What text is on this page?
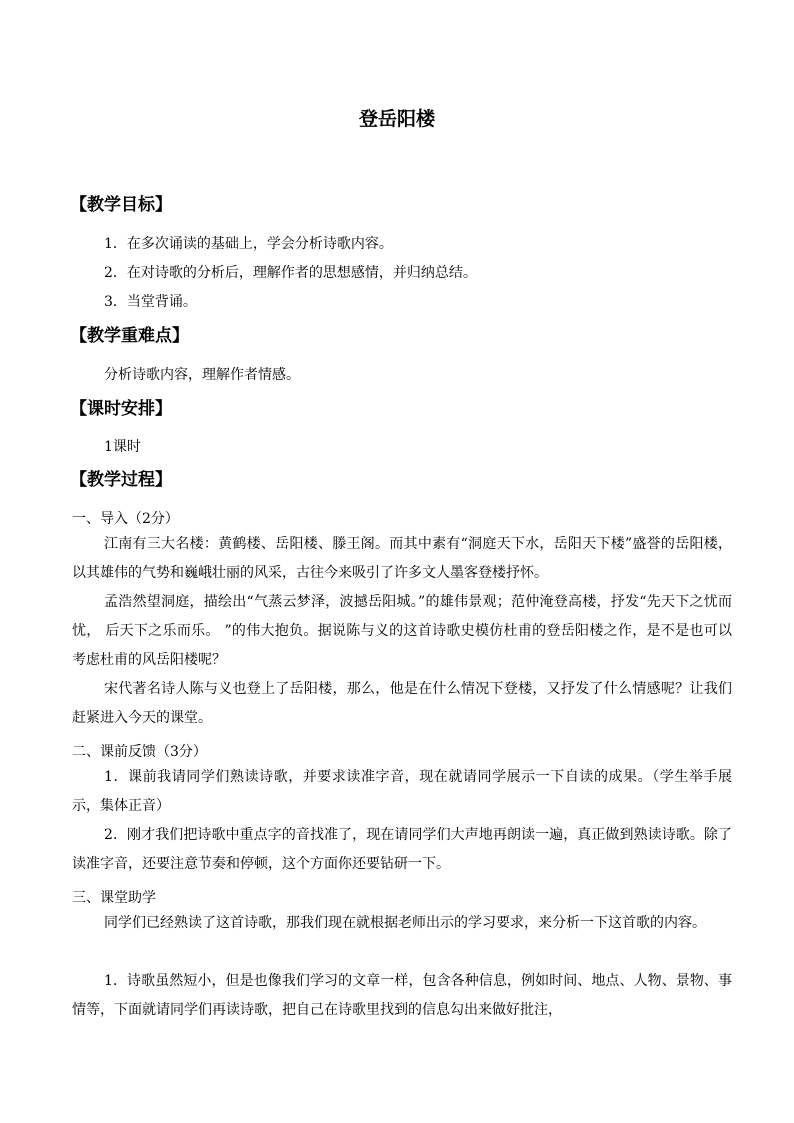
登岳阳楼
【教学目标】
1．在多次诵读的基础上，学会分析诗歌内容。
2．在对诗歌的分析后，理解作者的思想感情，并归纳总结。
3．当堂背诵。
【教学重难点】
分析诗歌内容，理解作者情感。
【课时安排】
1课时
【教学过程】
一、导入（2分）
江南有三大名楼：黄鹤楼、岳阳楼、滕王阁。而其中素有“洞庭天下水，岳阳天下楼”盛誉的岳阳楼，以其雄伟的气势和巍峨壮丽的风采，古往今来吸引了许多文人墨客登楼抒怀。
孟浩然望洞庭，描绘出“气蒸云梦泽，波撼岳阳城。”的雄伟景观；范仲淹登高楼，抒发“先天下之忧而忧， 后天下之乐而乐。 ”的伟大抱负。据说陈与义的这首诗歌史模仿杜甫的登岳阳楼之作，是不是也可以考虑杜甫的风岳阳楼呢？
宋代著名诗人陈与义也登上了岳阳楼，那么，他是在什么情况下登楼，又抒发了什么情感呢？让我们赶紧进入今天的课堂。
二、课前反馈（3分）
1．课前我请同学们熟读诗歌，并要求读准字音，现在就请同学展示一下自读的成果。（学生举手展示，集体正音）
2．刚才我们把诗歌中重点字的音找准了，现在请同学们大声地再朗读一遍，真正做到熟读诗歌。除了读准字音，还要注意节奏和停顿，这个方面你还要钻研一下。
三、课堂助学
同学们已经熟读了这首诗歌，那我们现在就根据老师出示的学习要求，来分析一下这首歌的内容。
1．诗歌虽然短小，但是也像我们学习的文章一样，包含各种信息，例如时间、地点、人物、景物、事情等，下面就请同学们再读诗歌，把自己在诗歌里找到的信息勾出来做好批注，
